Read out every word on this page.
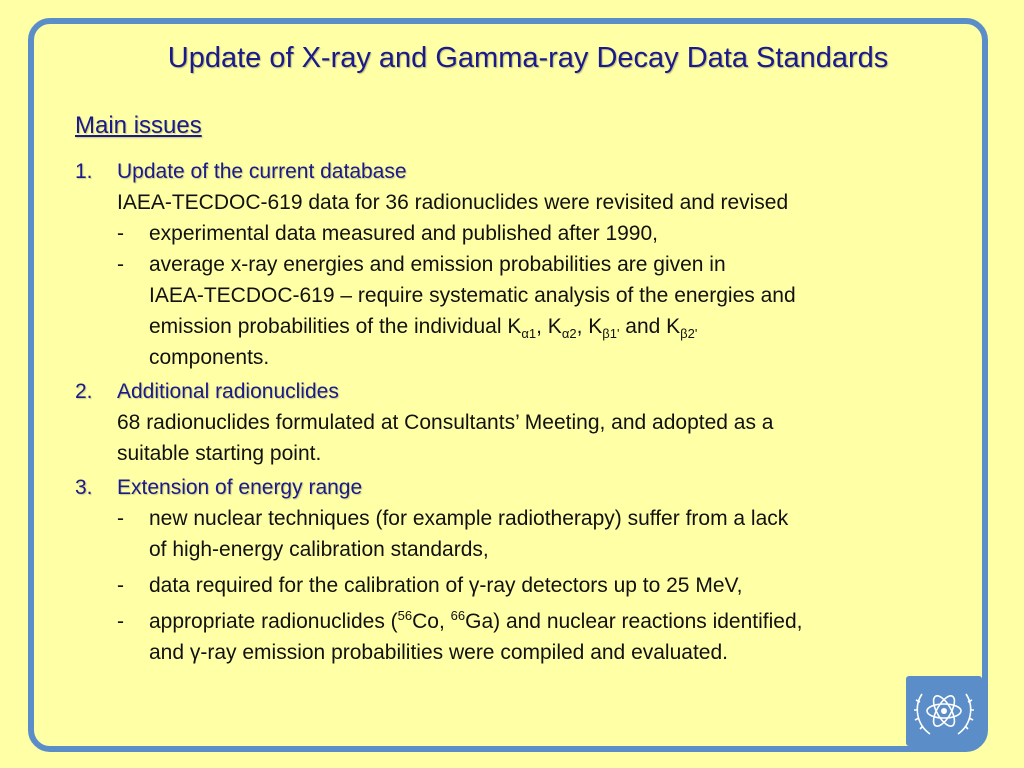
Update of X-ray and Gamma-ray Decay Data Standards
Main issues
1.	Update of the current database
IAEA-TECDOC-619 data for 36 radionuclides were revisited and revised
-	experimental data measured and published after 1990,
-	average x-ray energies and emission probabilities are given in
IAEA-TECDOC-619 – require systematic analysis of the energies and
emission probabilities of the individual $K_{\alpha 1}$, $K_{\alpha 2}$, $K_{\beta 1'}$ and $K_{\beta 2'}$
components.
2.	Additional radionuclides
68 radionuclides formulated at Consultants’ Meeting, and adopted as a
suitable starting point.
3.	Extension of energy range
-	new nuclear techniques (for example radiotherapy) suffer from a lack
of high-energy calibration standards,
-	data required for the calibration of γ-ray detectors up to 25 MeV,
-	appropriate radionuclides ($^{56}$Co, $^{66}$Ga) and nuclear reactions identified,
and γ-ray emission probabilities were compiled and evaluated.
